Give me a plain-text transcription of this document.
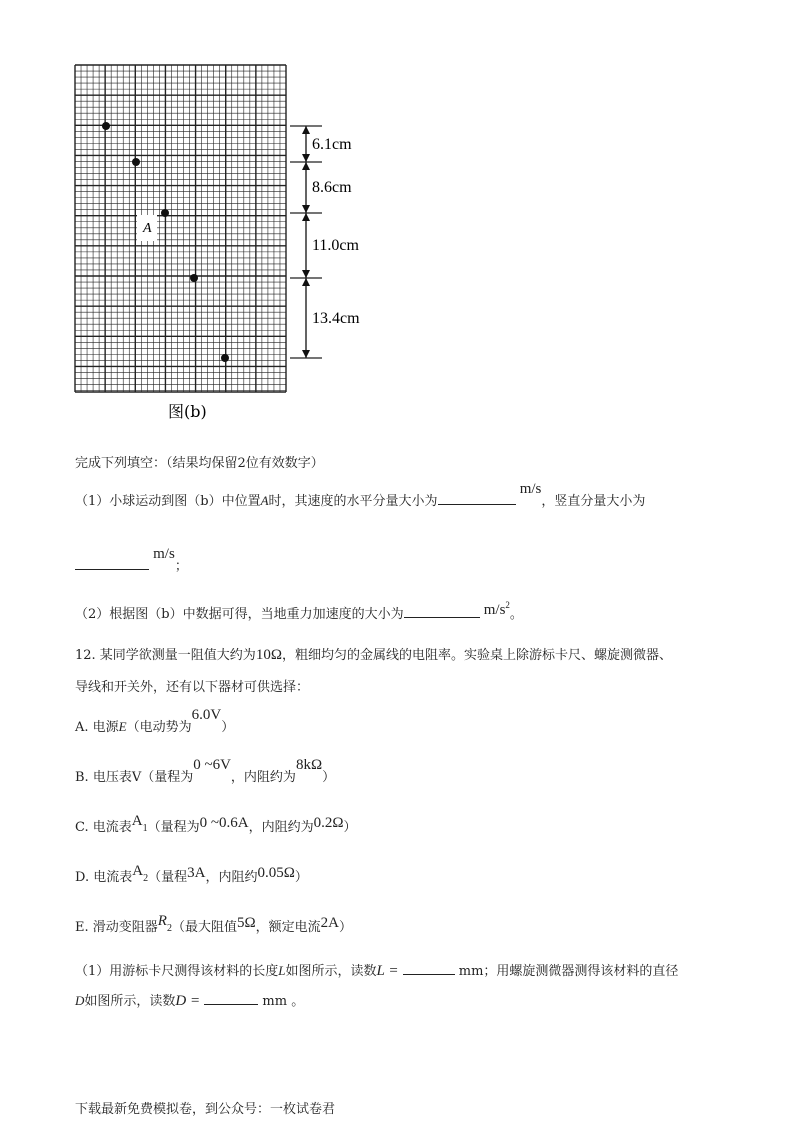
A
6.1cm
8.6cm
11.0cm
13.4cm
图(b)
完成下列填空：（结果均保留2位有效数字）
（1）小球运动到图（b）中位置A时，其速度的水平分量大小为 m/s，竖直分量大小为
m/s；
（2）根据图（b）中数据可得，当地重力加速度的大小为	$m/s^2$。
12. 某同学欲测量一阻值大约为10Ω，粗细均匀的金属线的电阻率。实验桌上除游标卡尺、螺旋测微器、
导线和开关外，还有以下器材可供选择：
A. 电源E（电动势为6.0V）
B. 电压表V（量程为0 ~6V，内阻约为8kΩ）
C. 电流表$A_1$（量程为0 ~0.6A，内阻约为0.2Ω）
D. 电流表$A_2$（量程3A，内阻约0.05Ω）
E. 滑动变阻器$R_2$（最大阻值5Ω，额定电流2A）
（1）用游标卡尺测得该材料的长度L如图所示，读数L =	mm；用螺旋测微器测得该材料的直径
D如图所示，读数D =	mm 。
下载最新免费模拟卷，到公众号：一枚试卷君
